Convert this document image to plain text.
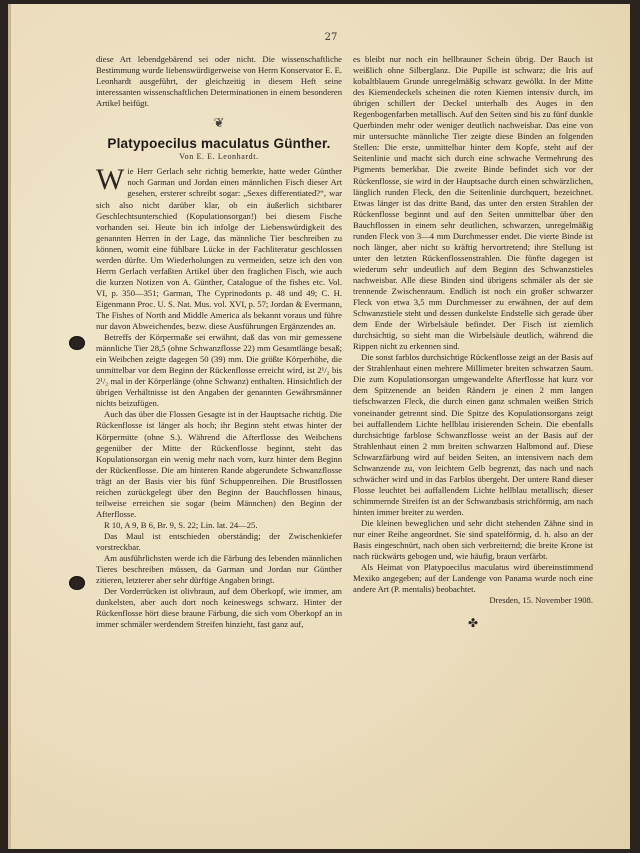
27

diese Art lebendgebärend sei oder nicht. Die wissenschaftliche Bestimmung wurde liebenswürdigerweise von Herrn Konservator E. E. Leonhardt ausgeführt, der gleichzeitig in diesem Heft seine interessanten wissenschaftlichen Determinationen in einem besonderen Artikel beifügt.

❦
Platypoecilus maculatus Günther.
Von E. E. Leonhardt.

W ie Herr Gerlach sehr richtig bemerkte, hatte weder Günther noch Garman und Jordan einen männlichen Fisch dieser Art gesehen, ersterer schreibt sogar: „Sexes differentiated?“, war sich also nicht darüber klar, ob ein äußerlich sichtbarer Geschlechtsunterschied (Kopulationsorgan!) bei diesem Fische vorhanden sei. Heute bin ich infolge der Liebenswürdigkeit des genannten Herren in der Lage, das männliche Tier beschreiben zu können, womit eine fühlbare Lücke in der Fachliteratur geschlossen werden dürfte. Um Wiederholungen zu vermeiden, setze ich den von Herrn Gerlach verfaßten Artikel über den fraglichen Fisch, wie auch die kurzen Notizen von A. Günther, Catalogue of the fishes etc. Vol. VI, p. 350—351; Garman, The Cyprinodonts p. 48 und 49; C. H. Eigenmann Proc. U. S. Nat. Mus. vol. XVI, p. 57; Jordan & Evermann, The Fishes of North and Middle America als bekannt voraus und führe nur davon Abweichendes, bezw. diese Ausführungen Ergänzendes an.

Betreffs der Körpermaße sei erwähnt, daß das von mir gemessene männliche Tier 28,5 (ohne Schwanzflosse 22) mm Gesamtlänge besaß; ein Weibchen zeigte dagegen 50 (39) mm. Die größte Körperhöhe, die unmittelbar vor dem Beginn der Rückenflosse erreicht wird, ist 2¹/₂ bis 2¹/₂ mal in der Körperlänge (ohne Schwanz) enthalten. Hinsichtlich der übrigen Verhältnisse ist den Angaben der genannten Gewährsmänner nichts beizufügen.

Auch das über die Flossen Gesagte ist in der Hauptsache richtig. Die Rückenflosse ist länger als hoch; ihr Beginn steht etwas hinter der Körpermitte (ohne S.). Während die Afterflosse des Weibchens gegenüber der Mitte der Rückenflosse beginnt, steht das Kopulationsorgan ein wenig mehr nach vorn, kurz hinter dem Beginn der Rückenflosse. Die am hinteren Rande abgerundete Schwanzflosse trägt an der Basis vier bis fünf Schuppenreihen. Die Brustflossen reichen zurückgelegt über den Beginn der Bauchflossen hinaus, teilweise erreichen sie sogar (beim Männchen) den Beginn der Afterflosse.

R 10, A 9, B 6, Br. 9, S. 22; Lin. lat. 24—25.

Das Maul ist entschieden oberständig; der Zwischenkiefer vorstreckbar.

Am ausführlichsten werde ich die Färbung des lebenden männlichen Tieres beschreiben müssen, da Garman und Jordan nur Günther zitieren, letzterer aber sehr dürftige Angaben bringt.

Der Vorderrücken ist olivbraun, auf dem Oberkopf, wie immer, am dunkelsten, aber auch dort noch keineswegs schwarz. Hinter der Rückenflosse hört diese braune Färbung, die sich vom Oberkopf an in immer schmäler werdendem Streifen hinzieht, fast ganz auf,

es bleibt nur noch ein hellbrauner Schein übrig. Der Bauch ist weißlich ohne Silberglanz. Die Pupille ist schwarz; die Iris auf kobaltblauem Grunde unregelmäßig schwarz gewölkt. In der Mitte des Kiemendeckels scheinen die roten Kiemen intensiv durch, im übrigen schillert der Deckel unterhalb des Auges in den Regenbogenfarben metallisch. Auf den Seiten sind bis zu fünf dunkle Querbinden mehr oder weniger deutlich nachweisbar. Das eine von mir untersuchte männliche Tier zeigte diese Binden an folgenden Stellen: Die erste, unmittelbar hinter dem Kopfe, steht auf der Seitenlinie und macht sich durch eine schwache Vermehrung des Pigments bemerkbar. Die zweite Binde befindet sich vor der Rückenflosse, sie wird in der Hauptsache durch einen schwärzlichen, länglich runden Fleck, den die Seitenlinie durchquert, bezeichnet. Etwas länger ist das dritte Band, das unter den ersten Strahlen der Rückenflosse beginnt und auf den Seiten unmittelbar über den Bauchflossen in einem sehr deutlichen, schwarzen, unregelmäßig runden Fleck von 3—4 mm Durchmesser endet. Die vierte Binde ist noch länger, aber nicht so kräftig hervortretend; ihre Stellung ist unter den letzten Rückenflossenstrahlen. Die fünfte dagegen ist wiederum sehr undeutlich auf dem Beginn des Schwanzstieles nachweisbar. Alle diese Binden sind übrigens schmäler als der sie trennende Zwischenraum. Endlich ist noch ein großer schwarzer Fleck von etwa 3,5 mm Durchmesser zu erwähnen, der auf dem Schwanzstiele steht und dessen dunkelste Endstelle sich gerade über dem Ende der Wirbelsäule befindet. Der Fisch ist ziemlich durchsichtig, so sieht man die Wirbelsäule deutlich, während die Rippen nicht zu erkennen sind.

Die sonst farblos durchsichtige Rückenflosse zeigt an der Basis auf der Strahlenhaut einen mehrere Millimeter breiten schwarzen Saum. Die zum Kopulationsorgan umgewandelte Afterflosse hat kurz vor dem Spitzenende an beiden Rändern je einen 2 mm langen tiefschwarzen Fleck, die durch einen ganz schmalen weißen Strich voneinander getrennt sind. Die Spitze des Kopulationsorgans zeigt bei auffallendem Lichte hellblau irisierenden Schein. Die ebenfalls durchsichtige farblose Schwanzflosse weist an der Basis auf der Strahlenhaut einen 2 mm breiten schwarzen Halbmond auf. Diese Schwarzfärbung wird auf beiden Seiten, an intensivem nach dem Schwanzende zu, von leichtem Gelb begrenzt, das nach und nach schwächer wird und in das Farblos übergeht. Der untere Rand dieser Flosse leuchtet bei auffallendem Lichte hellblau metallisch; dieser schimmernde Streifen ist an der Schwanzbasis strichförmig, am nach hinten immer breiter zu werden.

Die kleinen beweglichen und sehr dicht stehenden Zähne sind in nur einer Reihe angeordnet. Sie sind spatelförmig, d. h. also an der Basis eingeschnürt, nach oben sich verbreiternd; die breite Krone ist nach rückwärts gebogen und, wie häufig, braun verfärbt.

Als Heimat von Platypoecilus maculatus wird übereinstimmend Mexiko angegeben; auf der Landenge von Panama wurde noch eine andere Art (P. mentalis) beobachtet.

Dresden, 15. November 1908.

✤
